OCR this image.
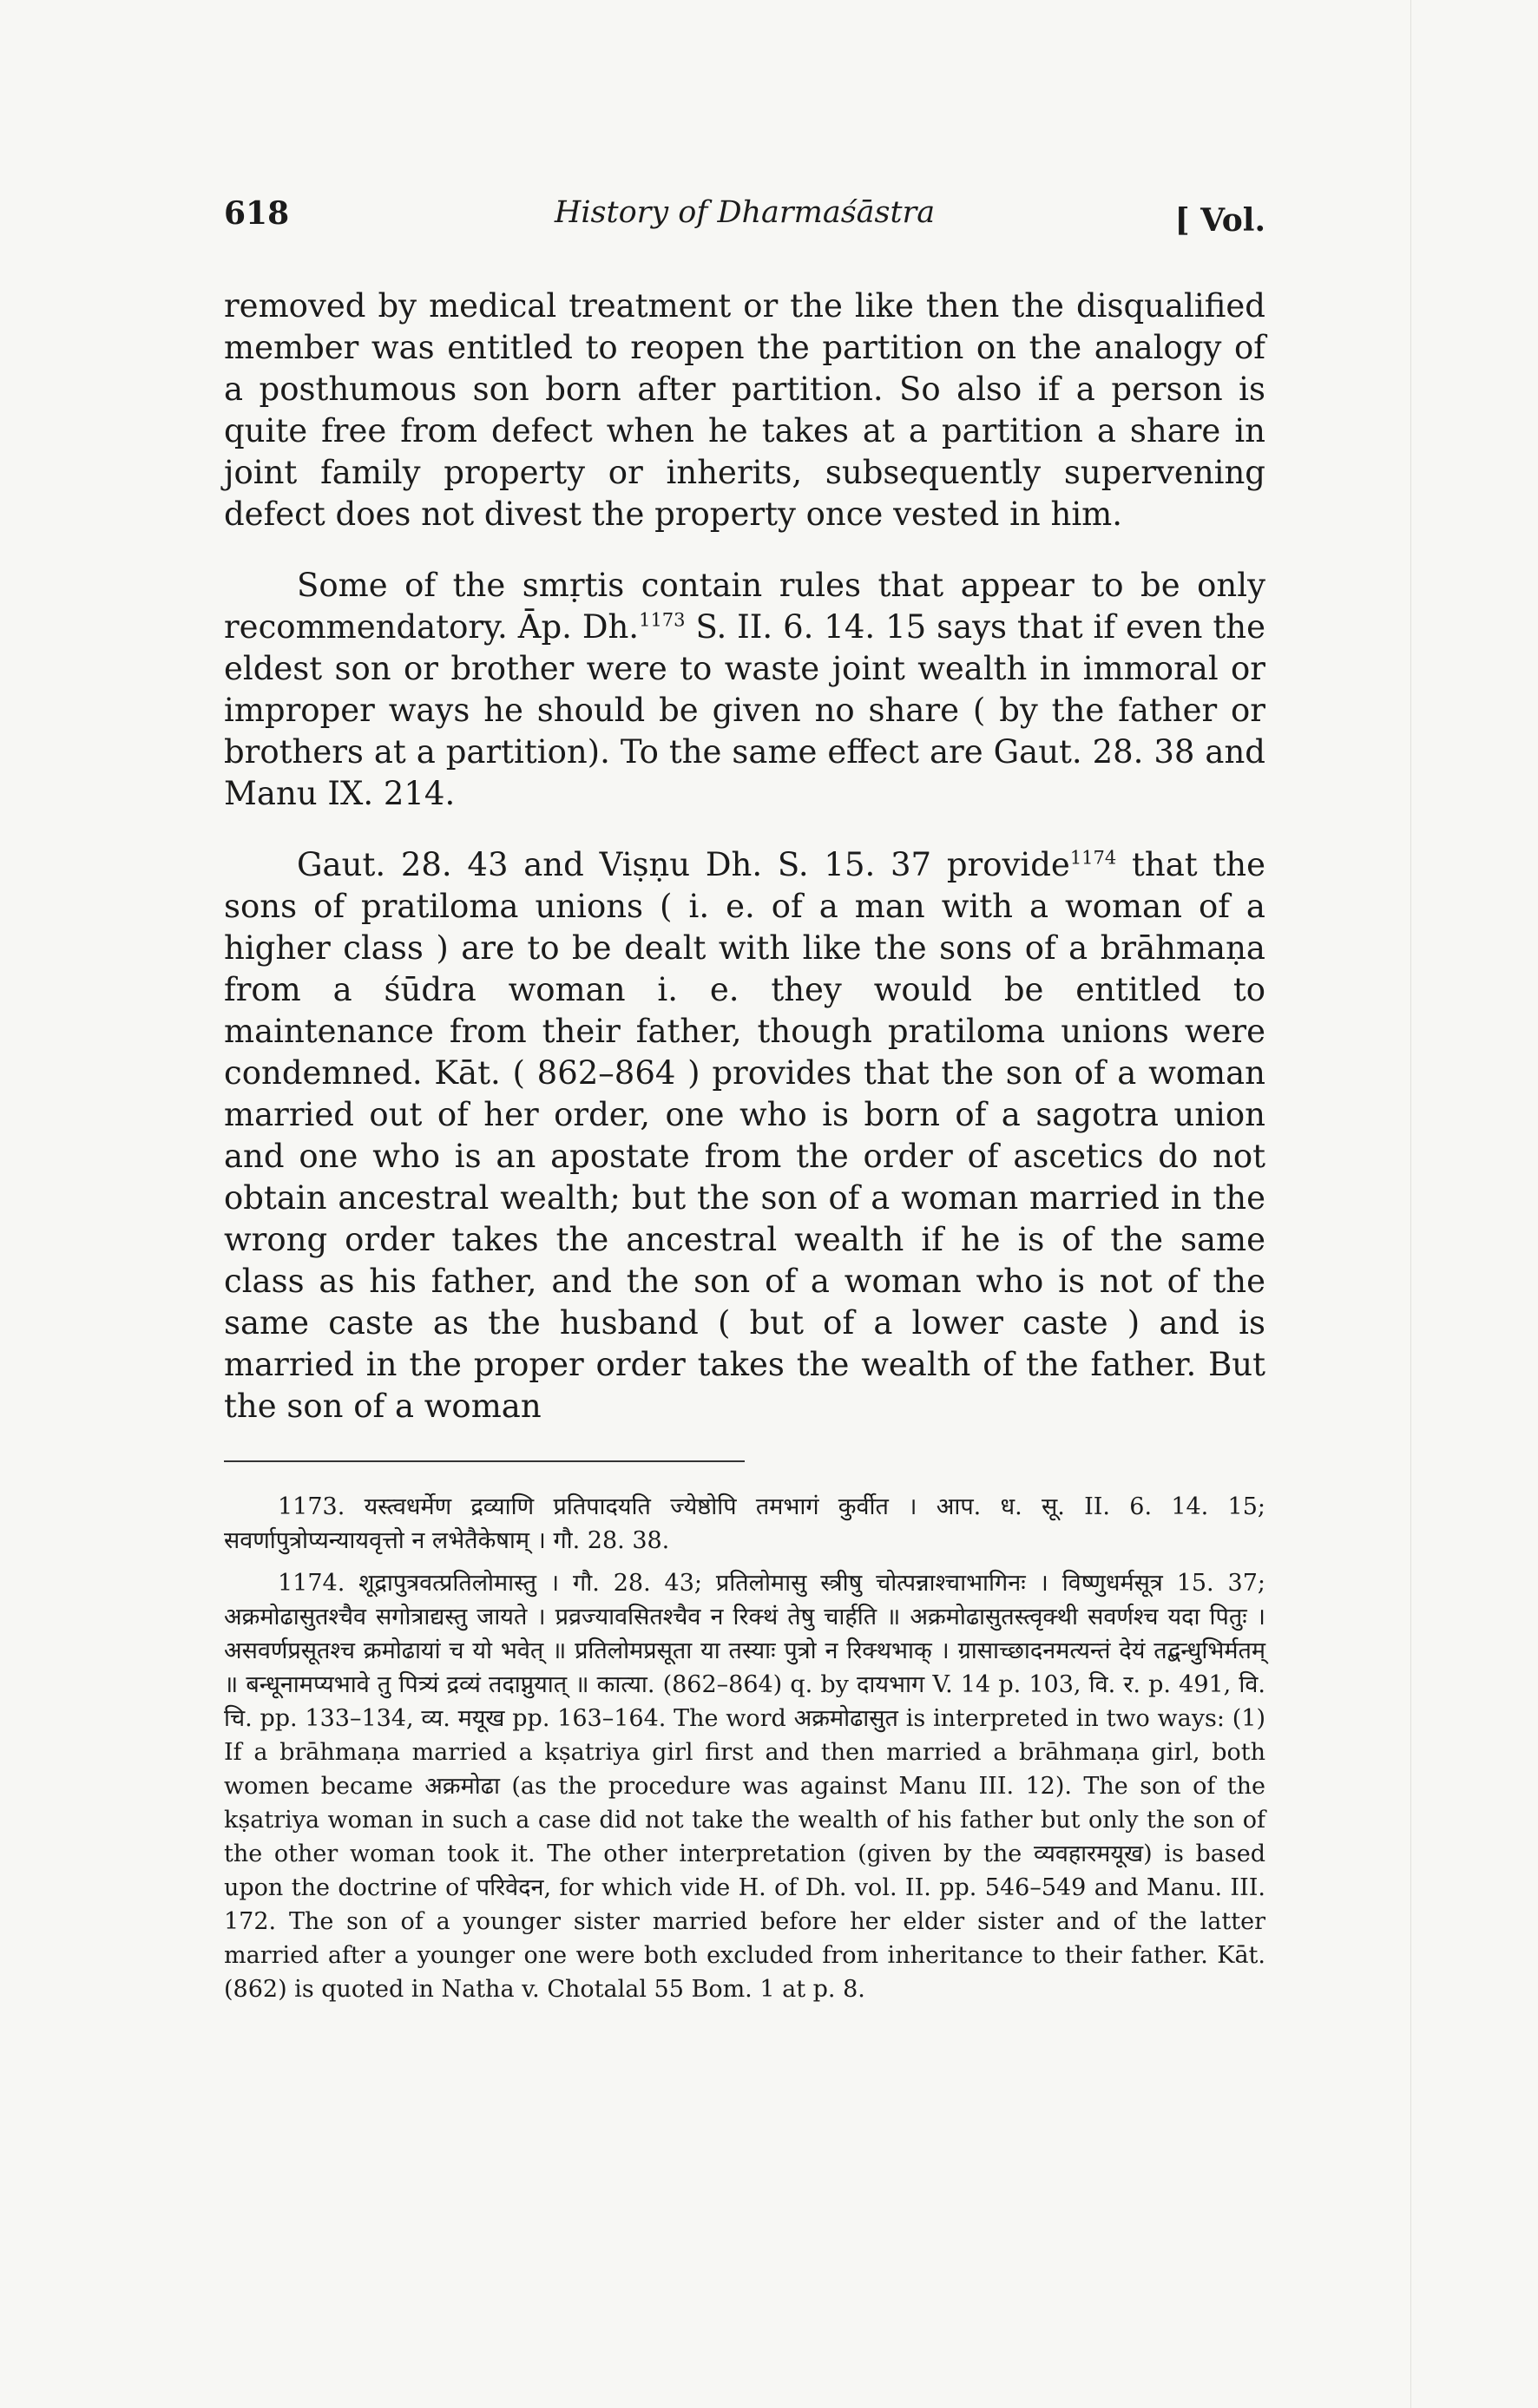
618	History of Dharmaśāstra	[ Vol.

removed by medical treatment or the like then the disqualified member was entitled to reopen the partition on the analogy of a posthumous son born after partition. So also if a person is quite free from defect when he takes at a partition a share in joint family property or inherits, subsequently supervening defect does not divest the property once vested in him.

Some of the smṛtis contain rules that appear to be only recommendatory. Āp. Dh.$^{1173}$ S. II. 6. 14. 15 says that if even the eldest son or brother were to waste joint wealth in immoral or improper ways he should be given no share ( by the father or brothers at a partition). To the same effect are Gaut. 28. 38 and Manu IX. 214.

Gaut. 28. 43 and Viṣṇu Dh. S. 15. 37 provide$^{1174}$ that the sons of pratiloma unions ( i. e. of a man with a woman of a higher class ) are to be dealt with like the sons of a brāhmaṇa from a śūdra woman i. e. they would be entitled to maintenance from their father, though pratiloma unions were condemned. Kāt. ( 862–864 ) provides that the son of a woman married out of her order, one who is born of a sagotra union and one who is an apostate from the order of ascetics do not obtain ancestral wealth; but the son of a woman married in the wrong order takes the ancestral wealth if he is of the same class as his father, and the son of a woman who is not of the same caste as the husband ( but of a lower caste ) and is married in the proper order takes the wealth of the father. But the son of a woman

1173. यस्त्वधर्मेण द्रव्याणि प्रतिपादयति ज्येष्ठोपि तमभागं कुर्वीत । आप. ध. सू. II. 6. 14. 15; सवर्णापुत्रोप्यन्यायवृत्तो न लभेतैकेषाम् । गौ. 28. 38.

1174. शूद्रापुत्रवत्प्रतिलोमास्तु । गौ. 28. 43; प्रतिलोमासु स्त्रीषु चोत्पन्नाश्चाभागिनः । विष्णुधर्मसूत्र 15. 37; अक्रमोढासुतश्चैव सगोत्राद्यस्तु जायते । प्रव्रज्यावसितश्चैव न रिक्थं तेषु चार्हति ॥ अक्रमोढासुतस्त्वृक्थी सवर्णश्च यदा पितुः । असवर्णप्रसूतश्च क्रमोढायां च यो भवेत् ॥ प्रतिलोमप्रसूता या तस्याः पुत्रो न रिक्थभाक् । ग्रासाच्छादनमत्यन्तं देयं तद्बन्धुभिर्मतम् ॥ बन्धूनामप्यभावे तु पित्र्यं द्रव्यं तदाप्नुयात् ॥ कात्या. (862–864) q. by दायभाग V. 14 p. 103, वि. र. p. 491, वि. चि. pp. 133–134, व्य. मयूख pp. 163–164. The word अक्रमोढासुत is interpreted in two ways: (1) If a brāhmaṇa married a kṣatriya girl first and then married a brāhmaṇa girl, both women became अक्रमोढा (as the procedure was against Manu III. 12). The son of the kṣatriya woman in such a case did not take the wealth of his father but only the son of the other woman took it. The other interpretation (given by the व्यवहारमयूख) is based upon the doctrine of परिवेदन, for which vide H. of Dh. vol. II. pp. 546–549 and Manu. III. 172. The son of a younger sister married before her elder sister and of the latter married after a younger one were both excluded from inheritance to their father. Kāt. (862) is quoted in Natha v. Chotalal 55 Bom. 1 at p. 8.
